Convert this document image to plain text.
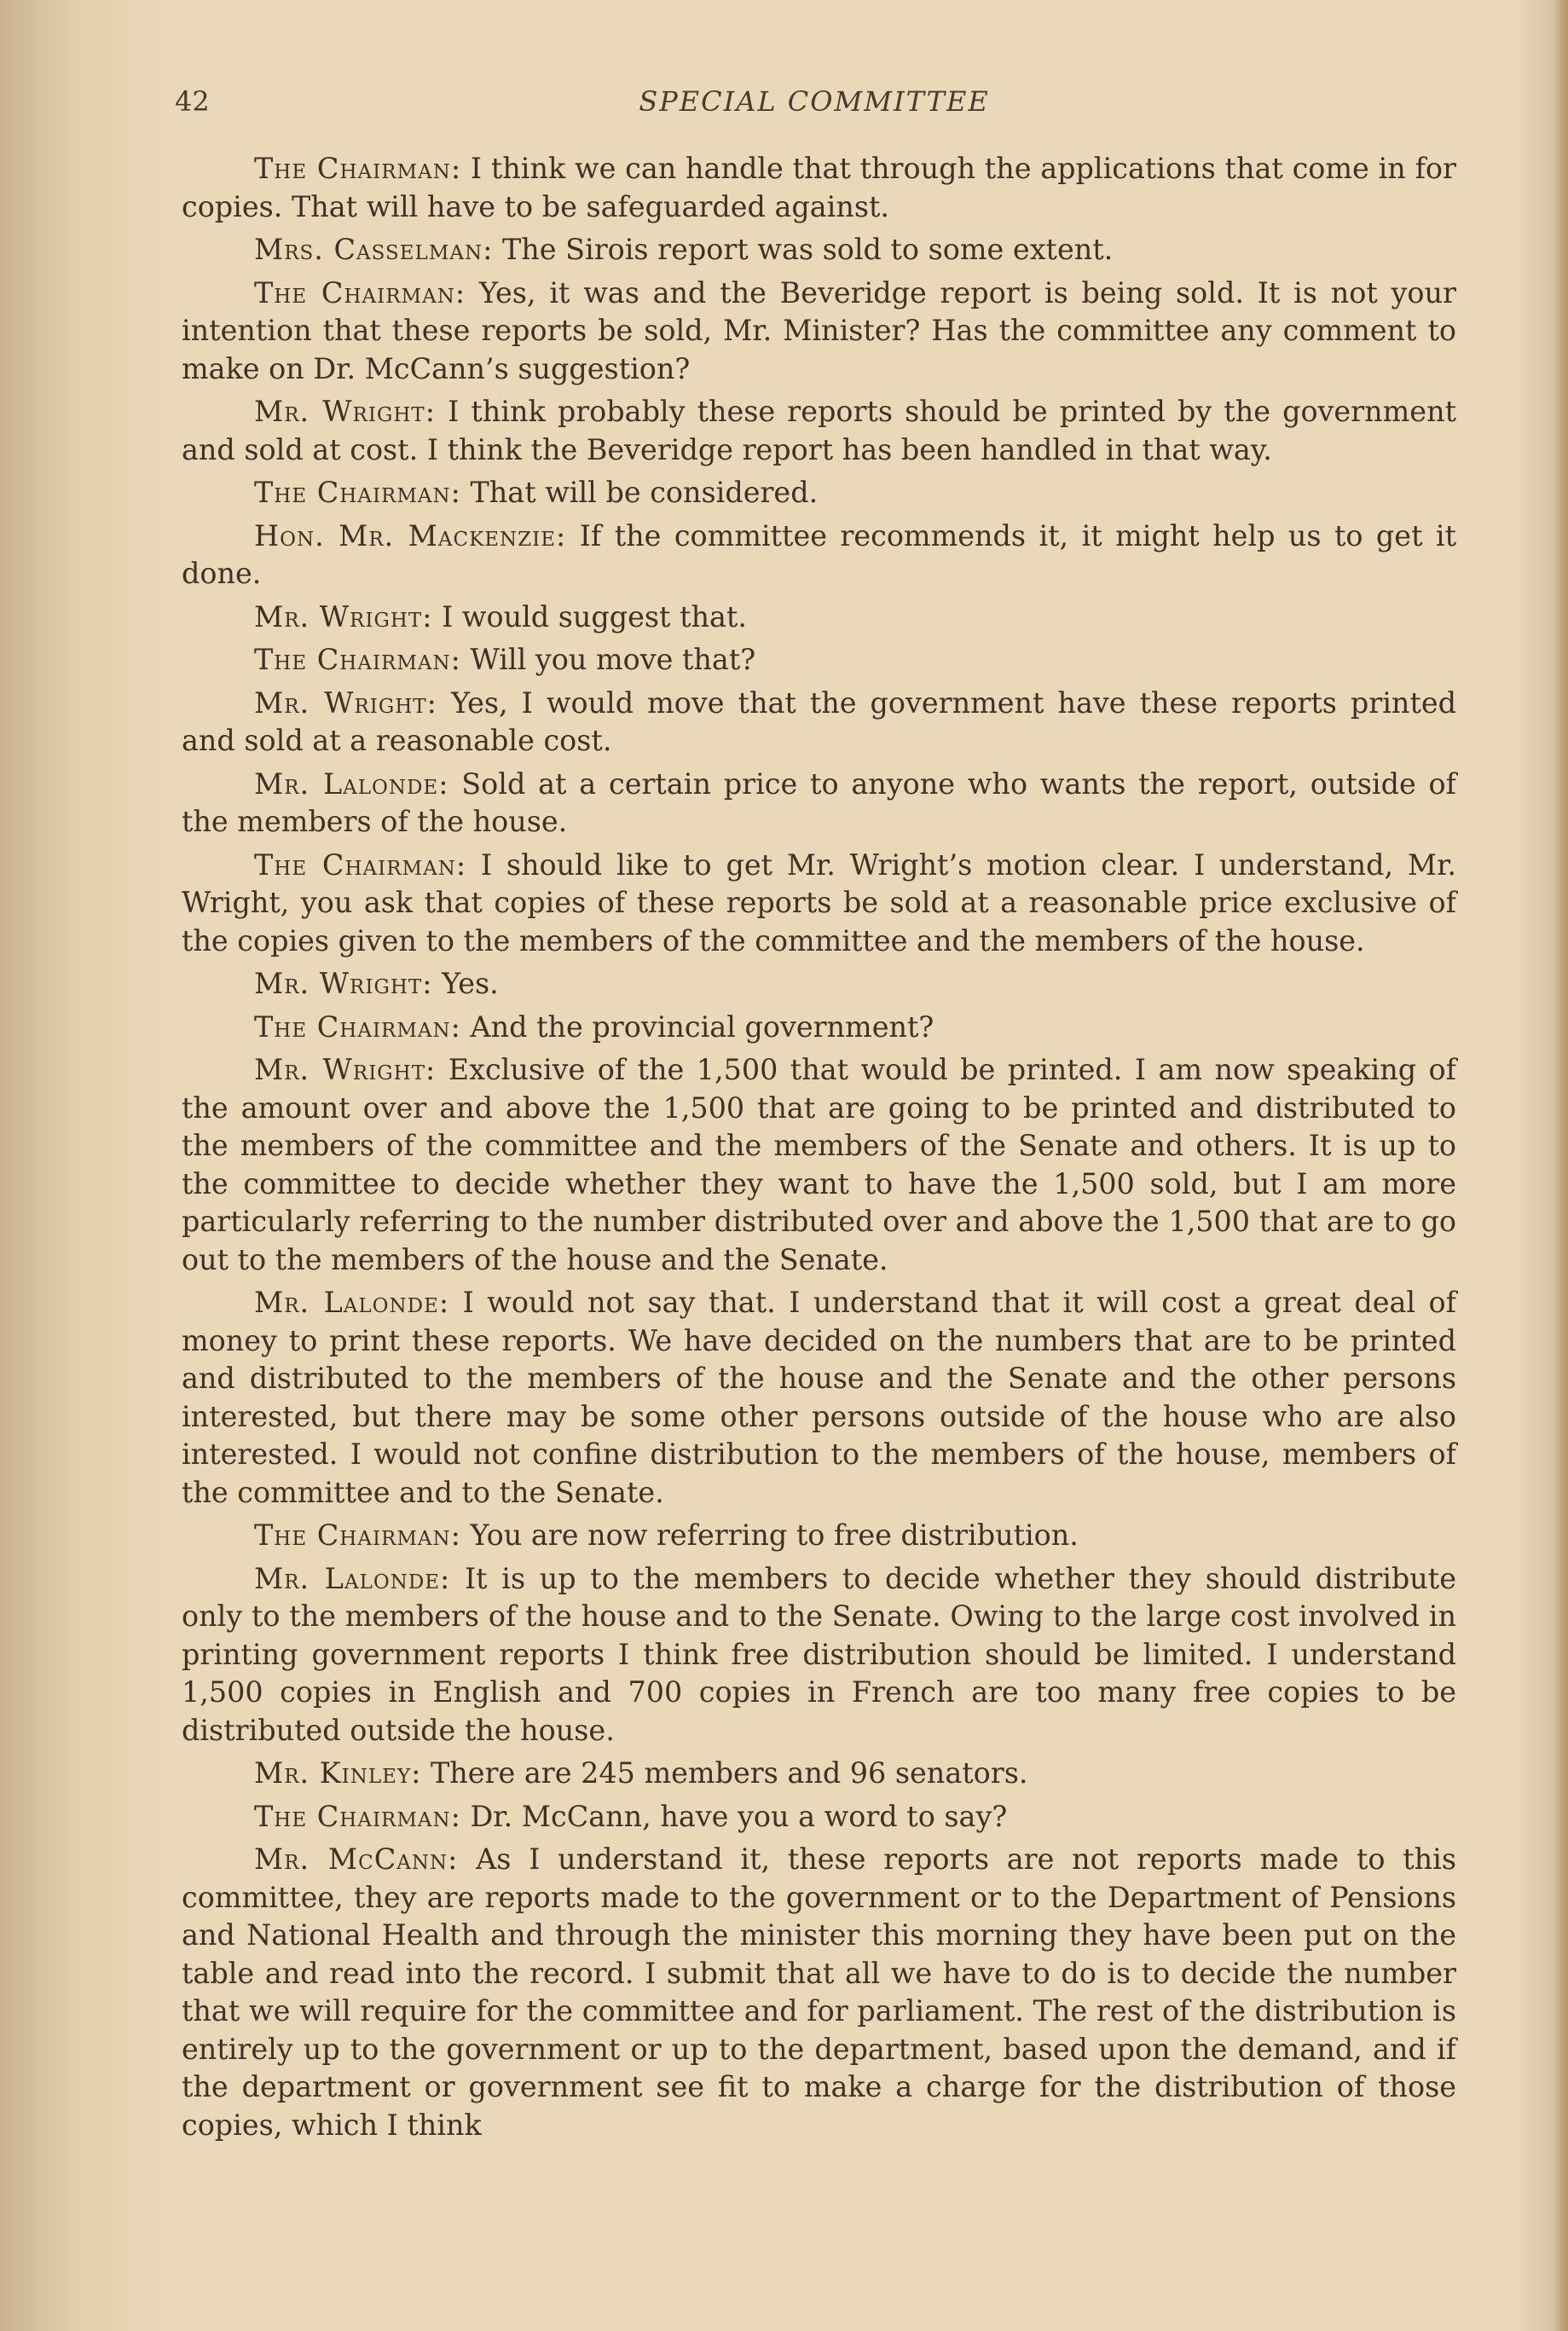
42	SPECIAL COMMITTEE

The Chairman: I think we can handle that through the applications that come in for copies. That will have to be safeguarded against.

Mrs. Casselman: The Sirois report was sold to some extent.

The Chairman: Yes, it was and the Beveridge report is being sold. It is not your intention that these reports be sold, Mr. Minister? Has the committee any comment to make on Dr. McCann’s suggestion?

Mr. Wright: I think probably these reports should be printed by the government and sold at cost. I think the Beveridge report has been handled in that way.

The Chairman: That will be considered.

Hon. Mr. Mackenzie: If the committee recommends it, it might help us to get it done.

Mr. Wright: I would suggest that.

The Chairman: Will you move that?

Mr. Wright: Yes, I would move that the government have these reports printed and sold at a reasonable cost.

Mr. Lalonde: Sold at a certain price to anyone who wants the report, outside of the members of the house.

The Chairman: I should like to get Mr. Wright’s motion clear. I understand, Mr. Wright, you ask that copies of these reports be sold at a reasonable price exclusive of the copies given to the members of the committee and the members of the house.

Mr. Wright: Yes.

The Chairman: And the provincial government?

Mr. Wright: Exclusive of the 1,500 that would be printed. I am now speaking of the amount over and above the 1,500 that are going to be printed and distributed to the members of the committee and the members of the Senate and others. It is up to the committee to decide whether they want to have the 1,500 sold, but I am more particularly referring to the number distributed over and above the 1,500 that are to go out to the members of the house and the Senate.

Mr. Lalonde: I would not say that. I understand that it will cost a great deal of money to print these reports. We have decided on the numbers that are to be printed and distributed to the members of the house and the Senate and the other persons interested, but there may be some other persons outside of the house who are also interested. I would not confine distribution to the members of the house, members of the committee and to the Senate.

The Chairman: You are now referring to free distribution.

Mr. Lalonde: It is up to the members to decide whether they should distribute only to the members of the house and to the Senate. Owing to the large cost involved in printing government reports I think free distribution should be limited. I understand 1,500 copies in English and 700 copies in French are too many free copies to be distributed outside the house.

Mr. Kinley: There are 245 members and 96 senators.

The Chairman: Dr. McCann, have you a word to say?

Mr. McCann: As I understand it, these reports are not reports made to this committee, they are reports made to the government or to the Department of Pensions and National Health and through the minister this morning they have been put on the table and read into the record. I submit that all we have to do is to decide the number that we will require for the committee and for parliament. The rest of the distribution is entirely up to the government or up to the department, based upon the demand, and if the department or government see fit to make a charge for the distribution of those copies, which I think
